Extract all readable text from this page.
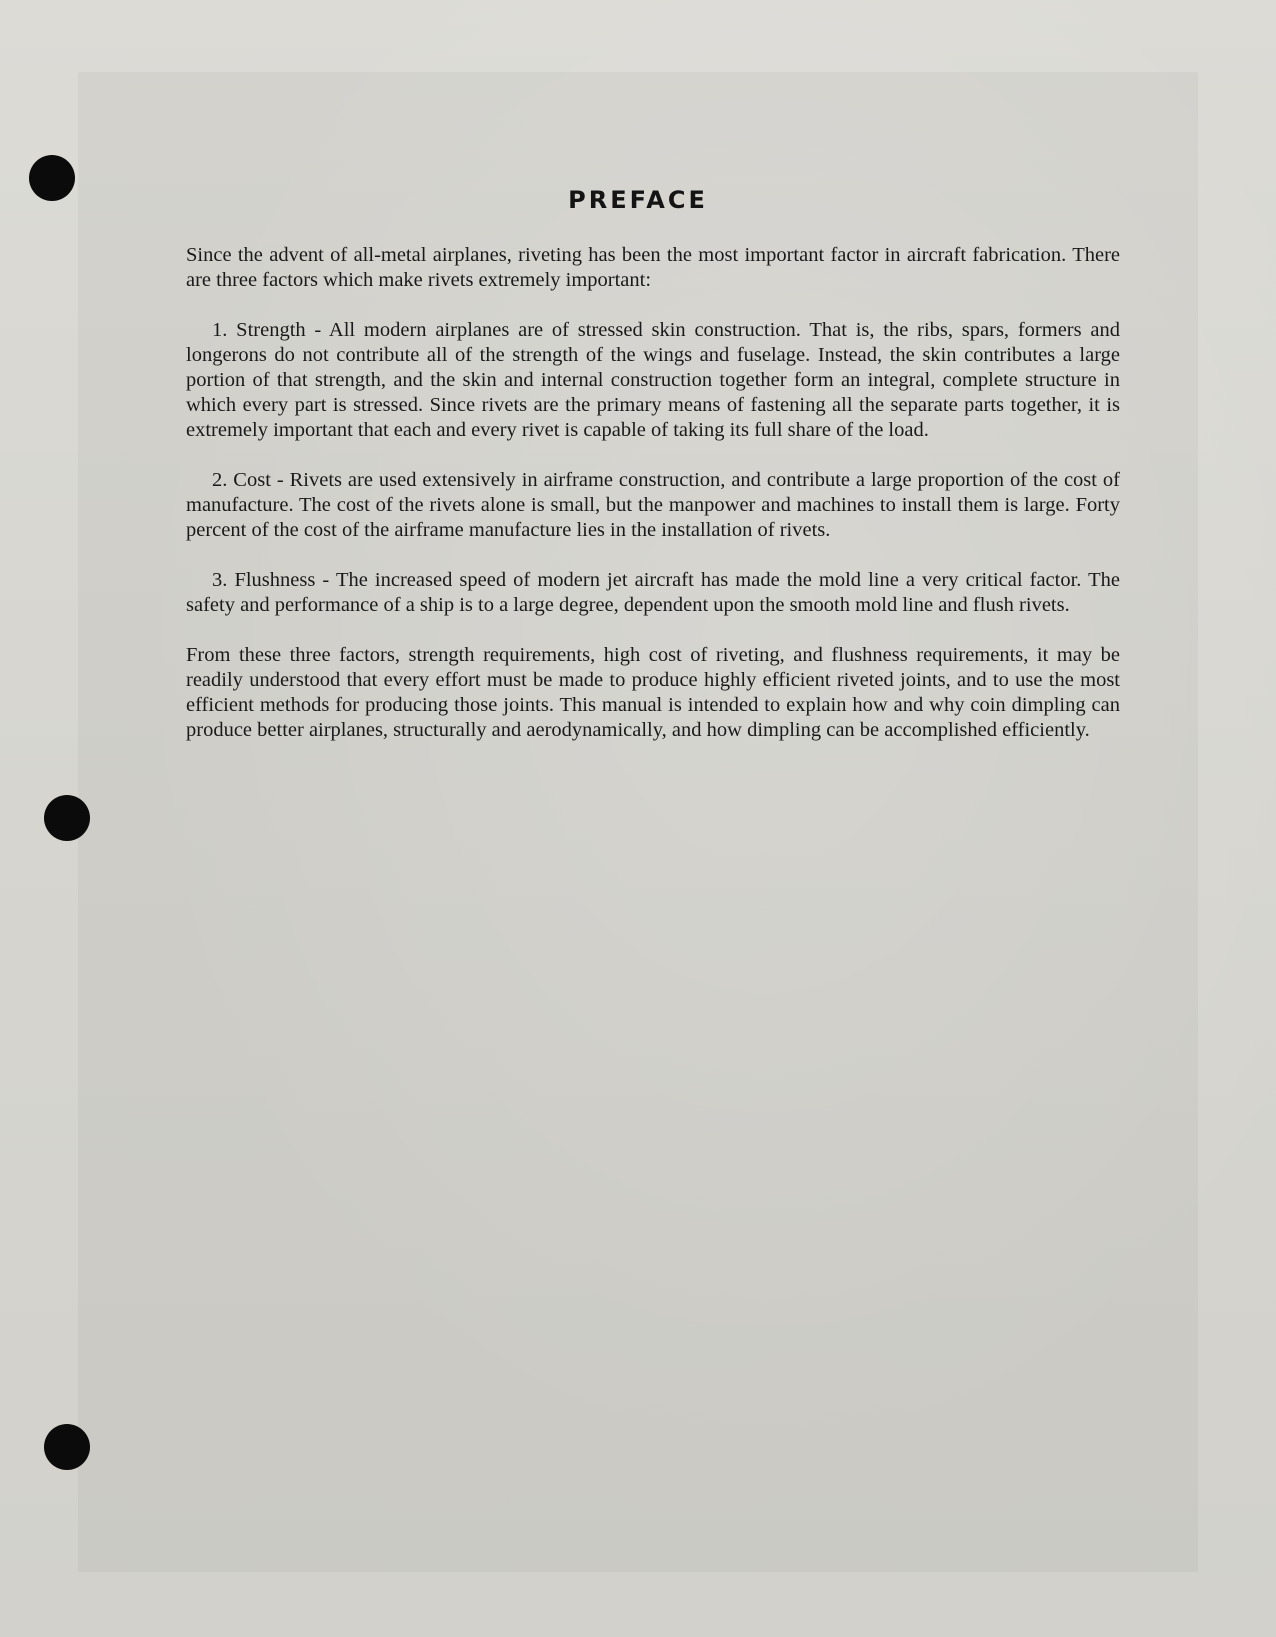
PREFACE

Since the advent of all-metal airplanes, riveting has been the most important factor in aircraft fabrication. There are three factors which make rivets extremely important:

1. Strength - All modern airplanes are of stressed skin construction. That is, the ribs, spars, formers and longerons do not contribute all of the strength of the wings and fuselage. Instead, the skin contributes a large portion of that strength, and the skin and internal construction together form an integral, complete structure in which every part is stressed. Since rivets are the primary means of fastening all the separate parts together, it is extremely important that each and every rivet is capable of taking its full share of the load.

2. Cost - Rivets are used extensively in airframe construction, and contribute a large proportion of the cost of manufacture. The cost of the rivets alone is small, but the manpower and machines to install them is large. Forty percent of the cost of the airframe manufacture lies in the installation of rivets.

3. Flushness - The increased speed of modern jet aircraft has made the mold line a very critical factor. The safety and performance of a ship is to a large degree, dependent upon the smooth mold line and flush rivets.

From these three factors, strength requirements, high cost of riveting, and flushness requirements, it may be readily understood that every effort must be made to produce highly efficient riveted joints, and to use the most efficient methods for producing those joints. This manual is intended to explain how and why coin dimpling can produce better airplanes, structurally and aerodynamically, and how dimpling can be accomplished efficiently.
